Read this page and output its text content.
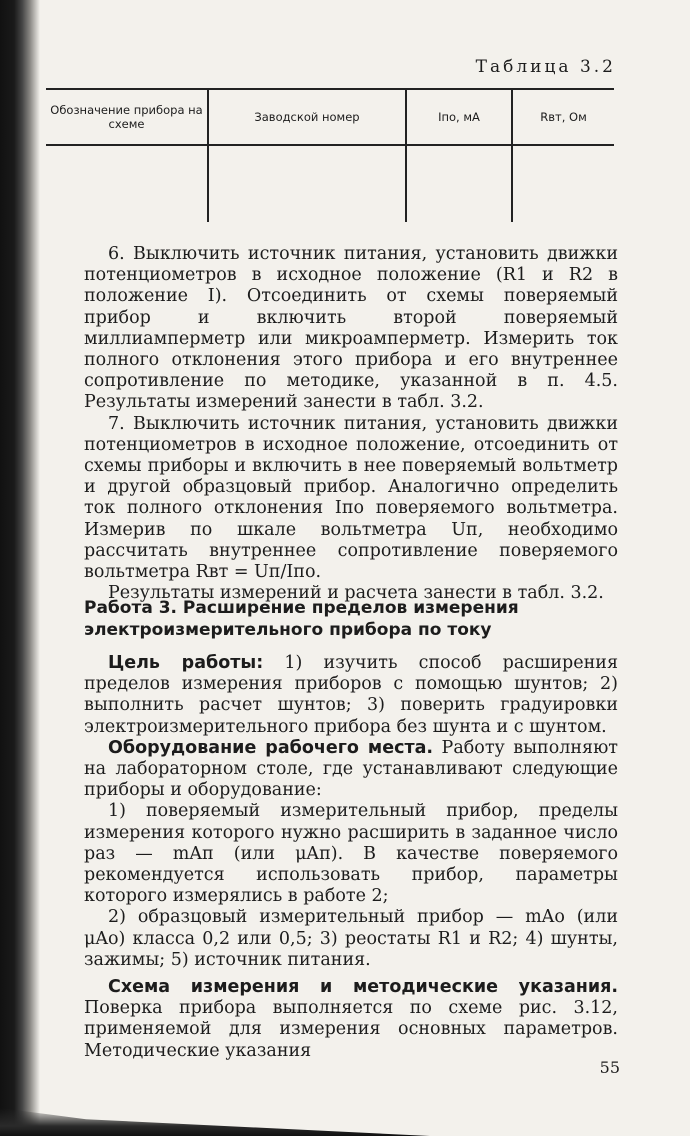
Таблица 3.2
Обозначение прибора на схеме	Заводской номер	Iпо, мА	Rвт, Ом

6. Выключить источник питания, установить движки потенциометров в исходное положение (R1 и R2 в положение I). Отсоединить от схемы поверяемый прибор и включить второй поверяемый миллиамперметр или микроамперметр. Измерить ток полного отклонения этого прибора и его внутреннее сопротивление по методике, указанной в п. 4.5. Результаты измерений занести в табл. 3.2.

7. Выключить источник питания, установить движки потенциометров в исходное положение, отсоединить от схемы приборы и включить в нее поверяемый вольтметр и другой образцовый прибор. Аналогично определить ток полного отклонения Iпо поверяемого вольтметра. Измерив по шкале вольтметра Uп, необходимо рассчитать внутреннее сопротивление поверяемого вольтметра Rвт = Uп/Iпо.

Результаты измерений и расчета занести в табл. 3.2.

Работа 3. Расширение пределов измерения электроизмерительного прибора по току

Цель работы: 1) изучить способ расширения пределов измерения приборов с помощью шунтов; 2) выполнить расчет шунтов; 3) поверить градуировки электроизмерительного прибора без шунта и с шунтом.

Оборудование рабочего места. Работу выполняют на лабораторном столе, где устанавливают следующие приборы и оборудование:

1) поверяемый измерительный прибор, пределы измерения которого нужно расширить в заданное число раз — mAп (или μAп). В качестве поверяемого рекомендуется использовать прибор, параметры которого измерялись в работе 2;

2) образцовый измерительный прибор — mAо (или μAо) класса 0,2 или 0,5; 3) реостаты R1 и R2; 4) шунты, зажимы; 5) источник питания.

Схема измерения и методические указания. Поверка прибора выполняется по схеме рис. 3.12, применяемой для измерения основных параметров. Методические указания

55
